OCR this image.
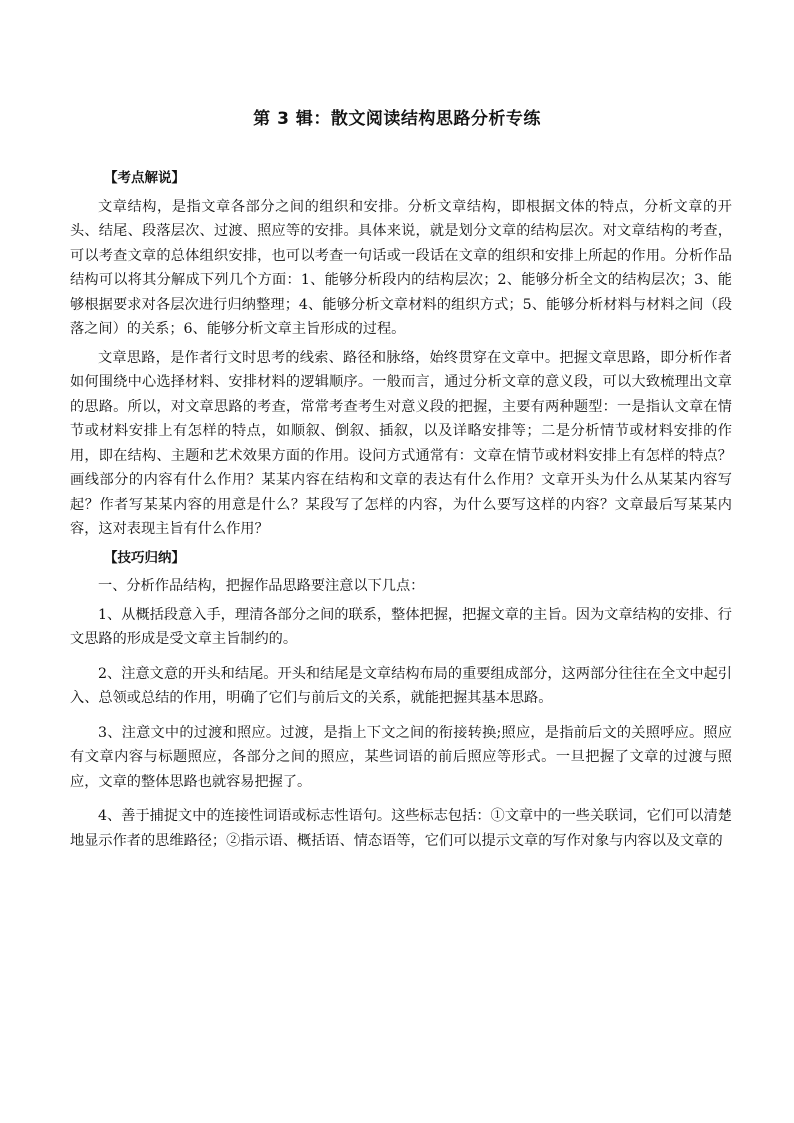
第 3 辑：散文阅读结构思路分析专练
【考点解说】

文章结构，是指文章各部分之间的组织和安排。分析文章结构，即根据文体的特点，分析文章的开头、结尾、段落层次、过渡、照应等的安排。具体来说，就是划分文章的结构层次。对文章结构的考查，可以考查文章的总体组织安排，也可以考查一句话或一段话在文章的组织和安排上所起的作用。分析作品结构可以将其分解成下列几个方面：1、能够分析段内的结构层次；2、能够分析全文的结构层次；3、能够根据要求对各层次进行归纳整理；4、能够分析文章材料的组织方式；5、能够分析材料与材料之间（段落之间）的关系；6、能够分析文章主旨形成的过程。

文章思路，是作者行文时思考的线索、路径和脉络，始终贯穿在文章中。把握文章思路，即分析作者如何围绕中心选择材料、安排材料的逻辑顺序。一般而言，通过分析文章的意义段，可以大致梳理出文章的思路。所以，对文章思路的考查，常常考查考生对意义段的把握，主要有两种题型：一是指认文章在情节或材料安排上有怎样的特点，如顺叙、倒叙、插叙，以及详略安排等；二是分析情节或材料安排的作用，即在结构、主题和艺术效果方面的作用。设问方式通常有：文章在情节或材料安排上有怎样的特点？画线部分的内容有什么作用？某某内容在结构和文章的表达有什么作用？文章开头为什么从某某内容写起？作者写某某内容的用意是什么？某段写了怎样的内容，为什么要写这样的内容？文章最后写某某内容，这对表现主旨有什么作用？

【技巧归纳】

一、分析作品结构，把握作品思路要注意以下几点：

1、从概括段意入手，理清各部分之间的联系，整体把握，把握文章的主旨。因为文章结构的安排、行文思路的形成是受文章主旨制约的。

2、注意文意的开头和结尾。开头和结尾是文章结构布局的重要组成部分，这两部分往往在全文中起引入、总领或总结的作用，明确了它们与前后文的关系，就能把握其基本思路。

3、注意文中的过渡和照应。过渡，是指上下文之间的衔接转换;照应，是指前后文的关照呼应。照应有文章内容与标题照应，各部分之间的照应，某些词语的前后照应等形式。一旦把握了文章的过渡与照应，文章的整体思路也就容易把握了。

4、善于捕捉文中的连接性词语或标志性语句。这些标志包括：①文章中的一些关联词，它们可以清楚地显示作者的思维路径；②指示语、概括语、情态语等，它们可以提示文章的写作对象与内容以及文章的
